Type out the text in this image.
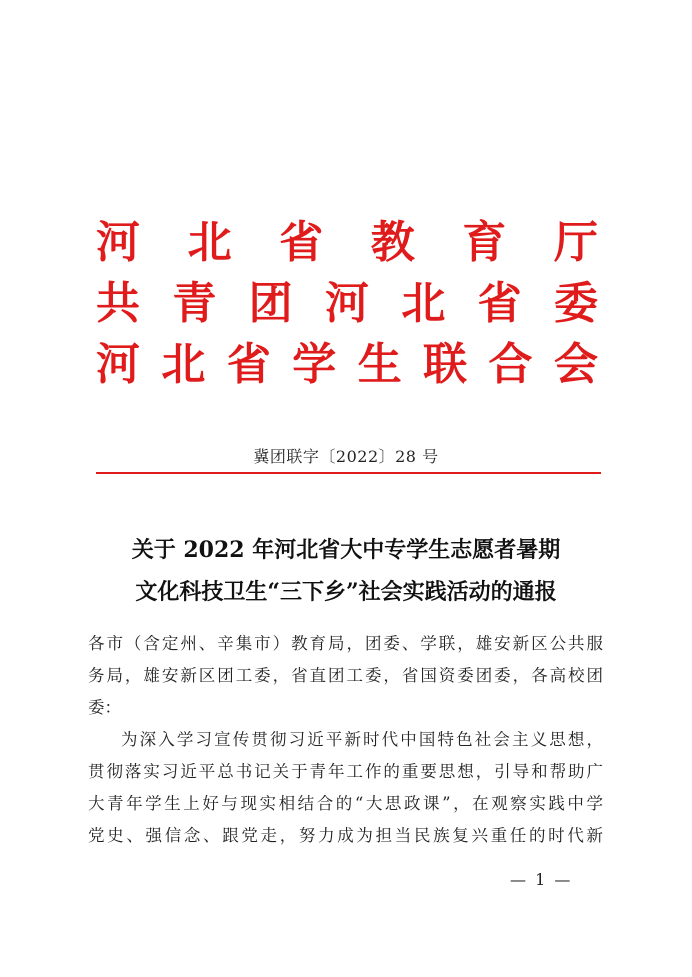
河 北 省 教 育 厅
共 青 团 河 北 省 委
河 北 省 学 生 联 合 会
冀团联字〔2022〕28 号
关于 2022 年河北省大中专学生志愿者暑期
文化科技卫生“三下乡”社会实践活动的通报
各市（含定州、辛集市）教育局，团委、学联，雄安新区公共服
务局，雄安新区团工委，省直团工委，省国资委团委，各高校团
委：
为深入学习宣传贯彻习近平新时代中国特色社会主义思想，
贯彻落实习近平总书记关于青年工作的重要思想，引导和帮助广
大青年学生上好与现实相结合的“大思政课”，在观察实践中学
党史、强信念、跟党走，努力成为担当民族复兴重任的时代新
— 1 —
